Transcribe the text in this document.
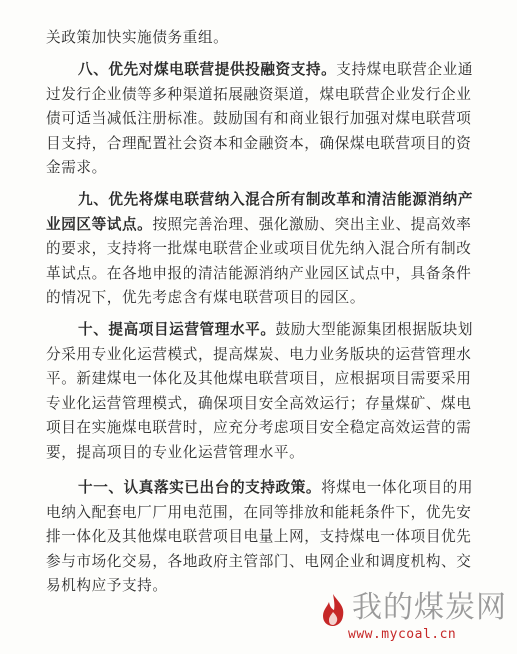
关政策加快实施债务重组。
八、优先对煤电联营提供投融资支持。支持煤电联营企业通
过发行企业债等多种渠道拓展融资渠道，煤电联营企业发行企业
债可适当减低注册标准。鼓励国有和商业银行加强对煤电联营项
目支持，合理配置社会资本和金融资本，确保煤电联营项目的资
金需求。
九、优先将煤电联营纳入混合所有制改革和清洁能源消纳产
业园区等试点。按照完善治理、强化激励、突出主业、提高效率
的要求，支持将一批煤电联营企业或项目优先纳入混合所有制改
革试点。在各地申报的清洁能源消纳产业园区试点中，具备条件
的情况下，优先考虑含有煤电联营项目的园区。
十、提高项目运营管理水平。鼓励大型能源集团根据版块划
分采用专业化运营模式，提高煤炭、电力业务版块的运营管理水
平。新建煤电一体化及其他煤电联营项目，应根据项目需要采用
专业化运营管理模式，确保项目安全高效运行；存量煤矿、煤电
项目在实施煤电联营时，应充分考虑项目安全稳定高效运营的需
要，提高项目的专业化运营管理水平。
十一、认真落实已出台的支持政策。将煤电一体化项目的用
电纳入配套电厂厂用电范围，在同等排放和能耗条件下，优先安
排一体化及其他煤电联营项目电量上网，支持煤电一体项目优先
参与市场化交易，各地政府主管部门、电网企业和调度机构、交
易机构应予支持。
我的煤炭网
www.mycoal.cn
